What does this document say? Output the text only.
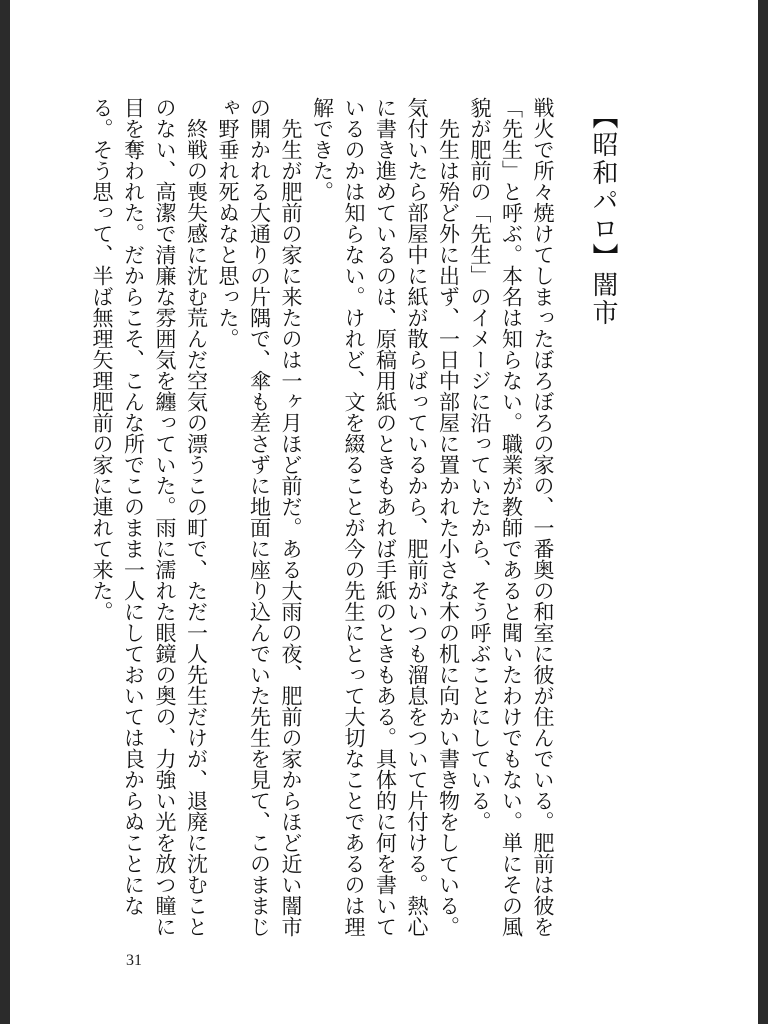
【昭和パロ】闇市

戦火で所々焼けてしまったぼろぼろの家の、一番奥の和室に彼が住んでいる。肥前は彼を「先生」と呼ぶ。本名は知らない。職業が教師であると聞いたわけでもない。単にその風貌が肥前の「先生」のイメージに沿っていたから、そう呼ぶことにしている。

先生は殆ど外に出ず、一日中部屋に置かれた小さな木の机に向かい書き物をしている。気付いたら部屋中に紙が散らばっているから、肥前がいつも溜息をついて片付ける。熱心に書き進めているのは、原稿用紙のときもあれば手紙のときもある。具体的に何を書いているのかは知らない。けれど、文を綴ることが今の先生にとって大切なことであるのは理解できた。

先生が肥前の家に来たのは一ヶ月ほど前だ。ある大雨の夜、肥前の家からほど近い闇市の開かれる大通りの片隅で、傘も差さずに地面に座り込んでいた先生を見て、このままじゃ野垂れ死ぬなと思った。

終戦の喪失感に沈む荒んだ空気の漂うこの町で、ただ一人先生だけが、退廃に沈むことのない、高潔で清廉な雰囲気を纏っていた。雨に濡れた眼鏡の奥の、力強い光を放つ瞳に目を奪われた。だからこそ、こんな所でこのまま一人にしておいては良からぬことになる。そう思って、半ば無理矢理肥前の家に連れて来た。

31
